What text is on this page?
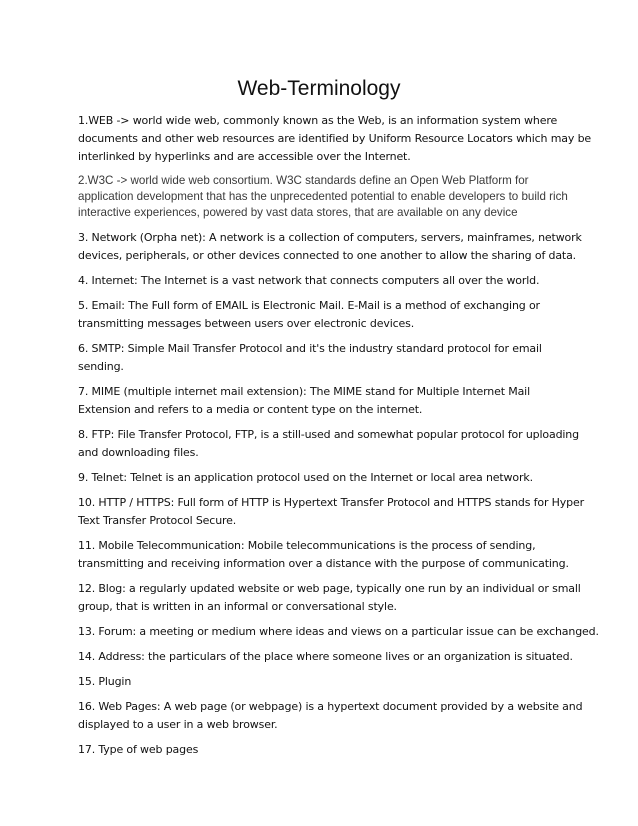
Web-Terminology

1.WEB -> world wide web, commonly known as the Web, is an information system where
documents and other web resources are identified by Uniform Resource Locators which may be
interlinked by hyperlinks and are accessible over the Internet.

2.W3C -> world wide web consortium. W3C standards define an Open Web Platform for
application development that has the unprecedented potential to enable developers to build rich
interactive experiences, powered by vast data stores, that are available on any device

3. Network (Orpha net): A network is a collection of computers, servers, mainframes, network
devices, peripherals, or other devices connected to one another to allow the sharing of data.

4. Internet: The Internet is a vast network that connects computers all over the world.

5. Email: The Full form of EMAIL is Electronic Mail. E-Mail is a method of exchanging or
transmitting messages between users over electronic devices.

6. SMTP: Simple Mail Transfer Protocol and it's the industry standard protocol for email
sending.

7. MIME (multiple internet mail extension): The MIME stand for Multiple Internet Mail
Extension and refers to a media or content type on the internet.

8. FTP: File Transfer Protocol, FTP, is a still-used and somewhat popular protocol for uploading
and downloading files.

9. Telnet: Telnet is an application protocol used on the Internet or local area network.

10. HTTP / HTTPS: Full form of HTTP is Hypertext Transfer Protocol and HTTPS stands for Hyper
Text Transfer Protocol Secure.

11. Mobile Telecommunication: Mobile telecommunications is the process of sending,
transmitting and receiving information over a distance with the purpose of communicating.

12. Blog: a regularly updated website or web page, typically one run by an individual or small
group, that is written in an informal or conversational style.

13. Forum: a meeting or medium where ideas and views on a particular issue can be exchanged.

14. Address: the particulars of the place where someone lives or an organization is situated.

15. Plugin

16. Web Pages: A web page (or webpage) is a hypertext document provided by a website and
displayed to a user in a web browser.

17. Type of web pages
